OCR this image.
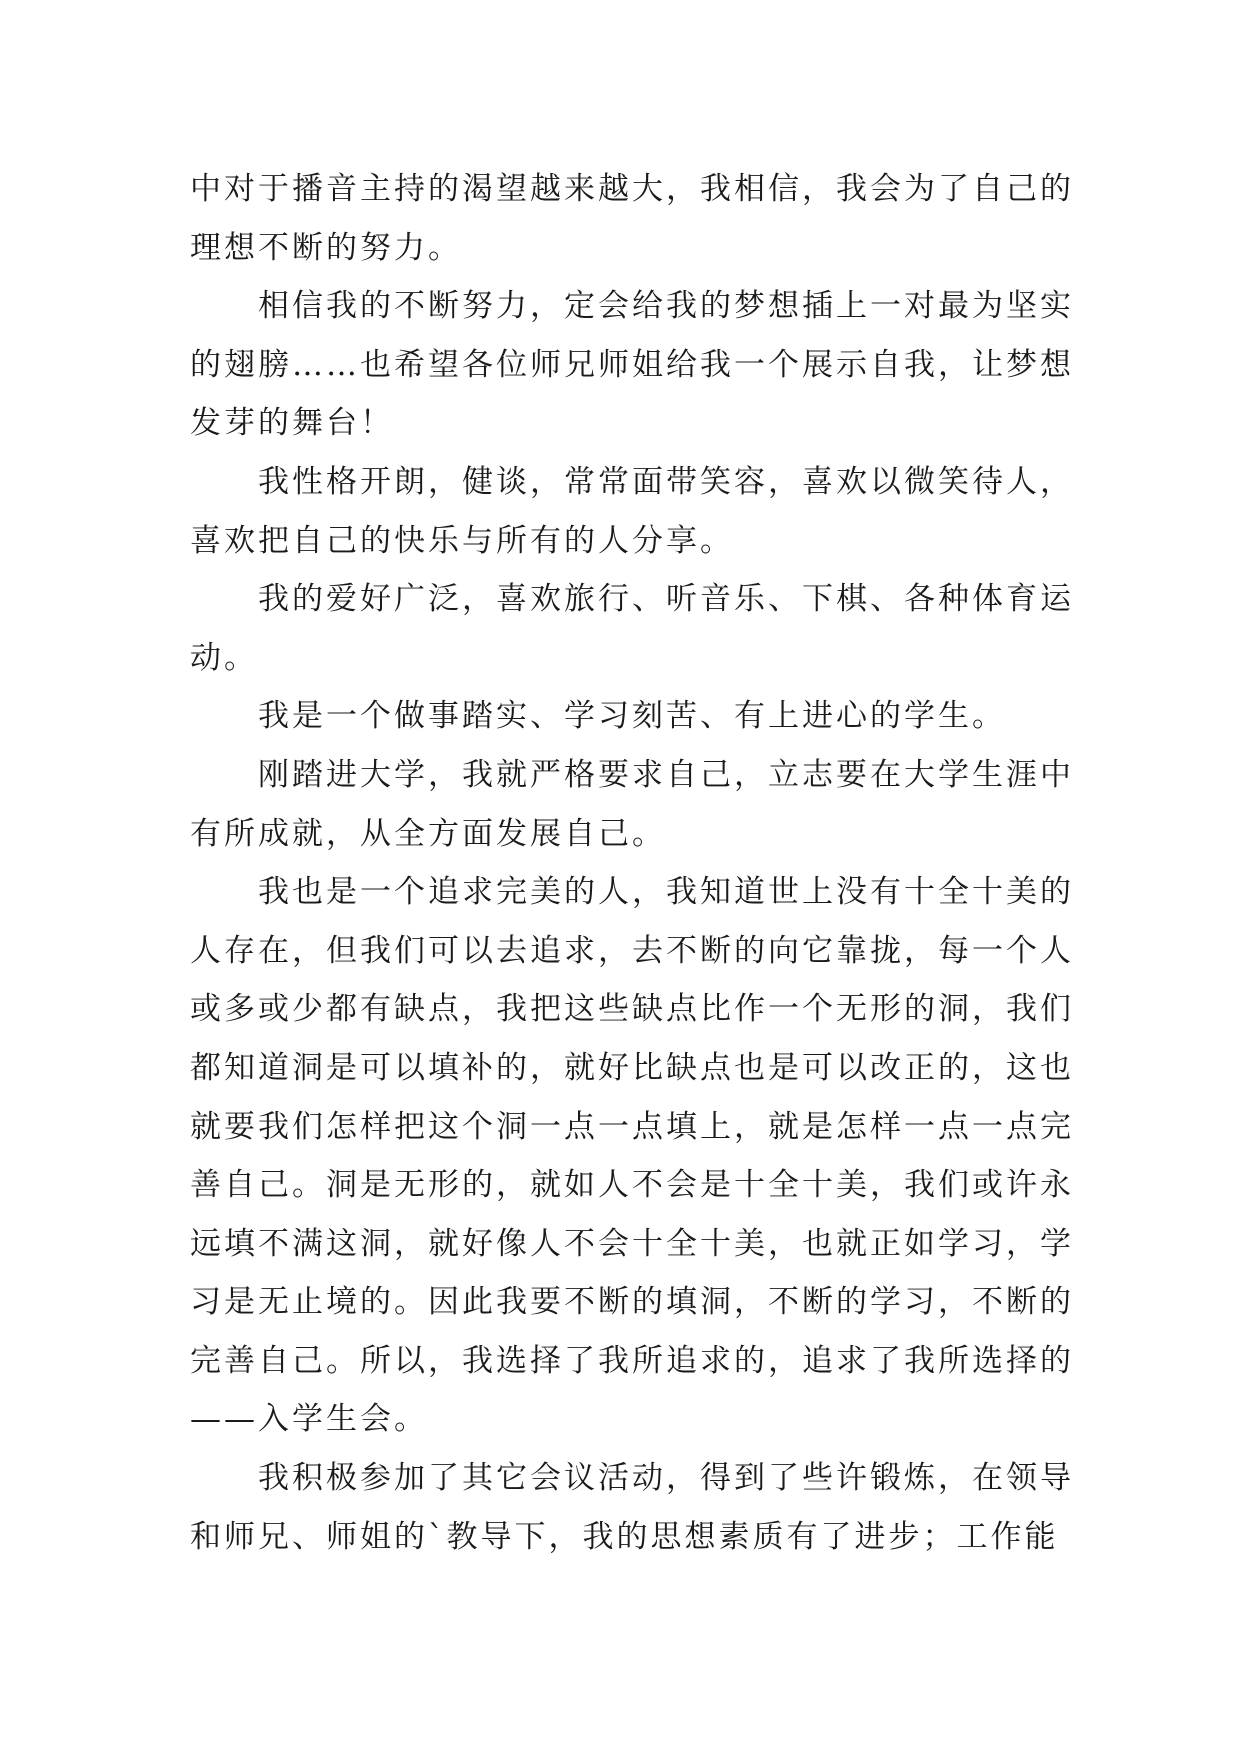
中对于播音主持的渴望越来越大，我相信，我会为了自己的
理想不断的努力。
相信我的不断努力，定会给我的梦想插上一对最为坚实
的翅膀……也希望各位师兄师姐给我一个展示自我，让梦想
发芽的舞台！
我性格开朗，健谈，常常面带笑容，喜欢以微笑待人，
喜欢把自己的快乐与所有的人分享。
我的爱好广泛，喜欢旅行、听音乐、下棋、各种体育运
动。
我是一个做事踏实、学习刻苦、有上进心的学生。
刚踏进大学，我就严格要求自己，立志要在大学生涯中
有所成就，从全方面发展自己。
我也是一个追求完美的人，我知道世上没有十全十美的
人存在，但我们可以去追求，去不断的向它靠拢，每一个人
或多或少都有缺点，我把这些缺点比作一个无形的洞，我们
都知道洞是可以填补的，就好比缺点也是可以改正的，这也
就要我们怎样把这个洞一点一点填上，就是怎样一点一点完
善自己。洞是无形的，就如人不会是十全十美，我们或许永
远填不满这洞，就好像人不会十全十美，也就正如学习，学
习是无止境的。因此我要不断的填洞，不断的学习，不断的
完善自己。所以，我选择了我所追求的，追求了我所选择的
——入学生会。
我积极参加了其它会议活动，得到了些许锻炼，在领导
和师兄、师姐的`教导下，我的思想素质有了进步；工作能
